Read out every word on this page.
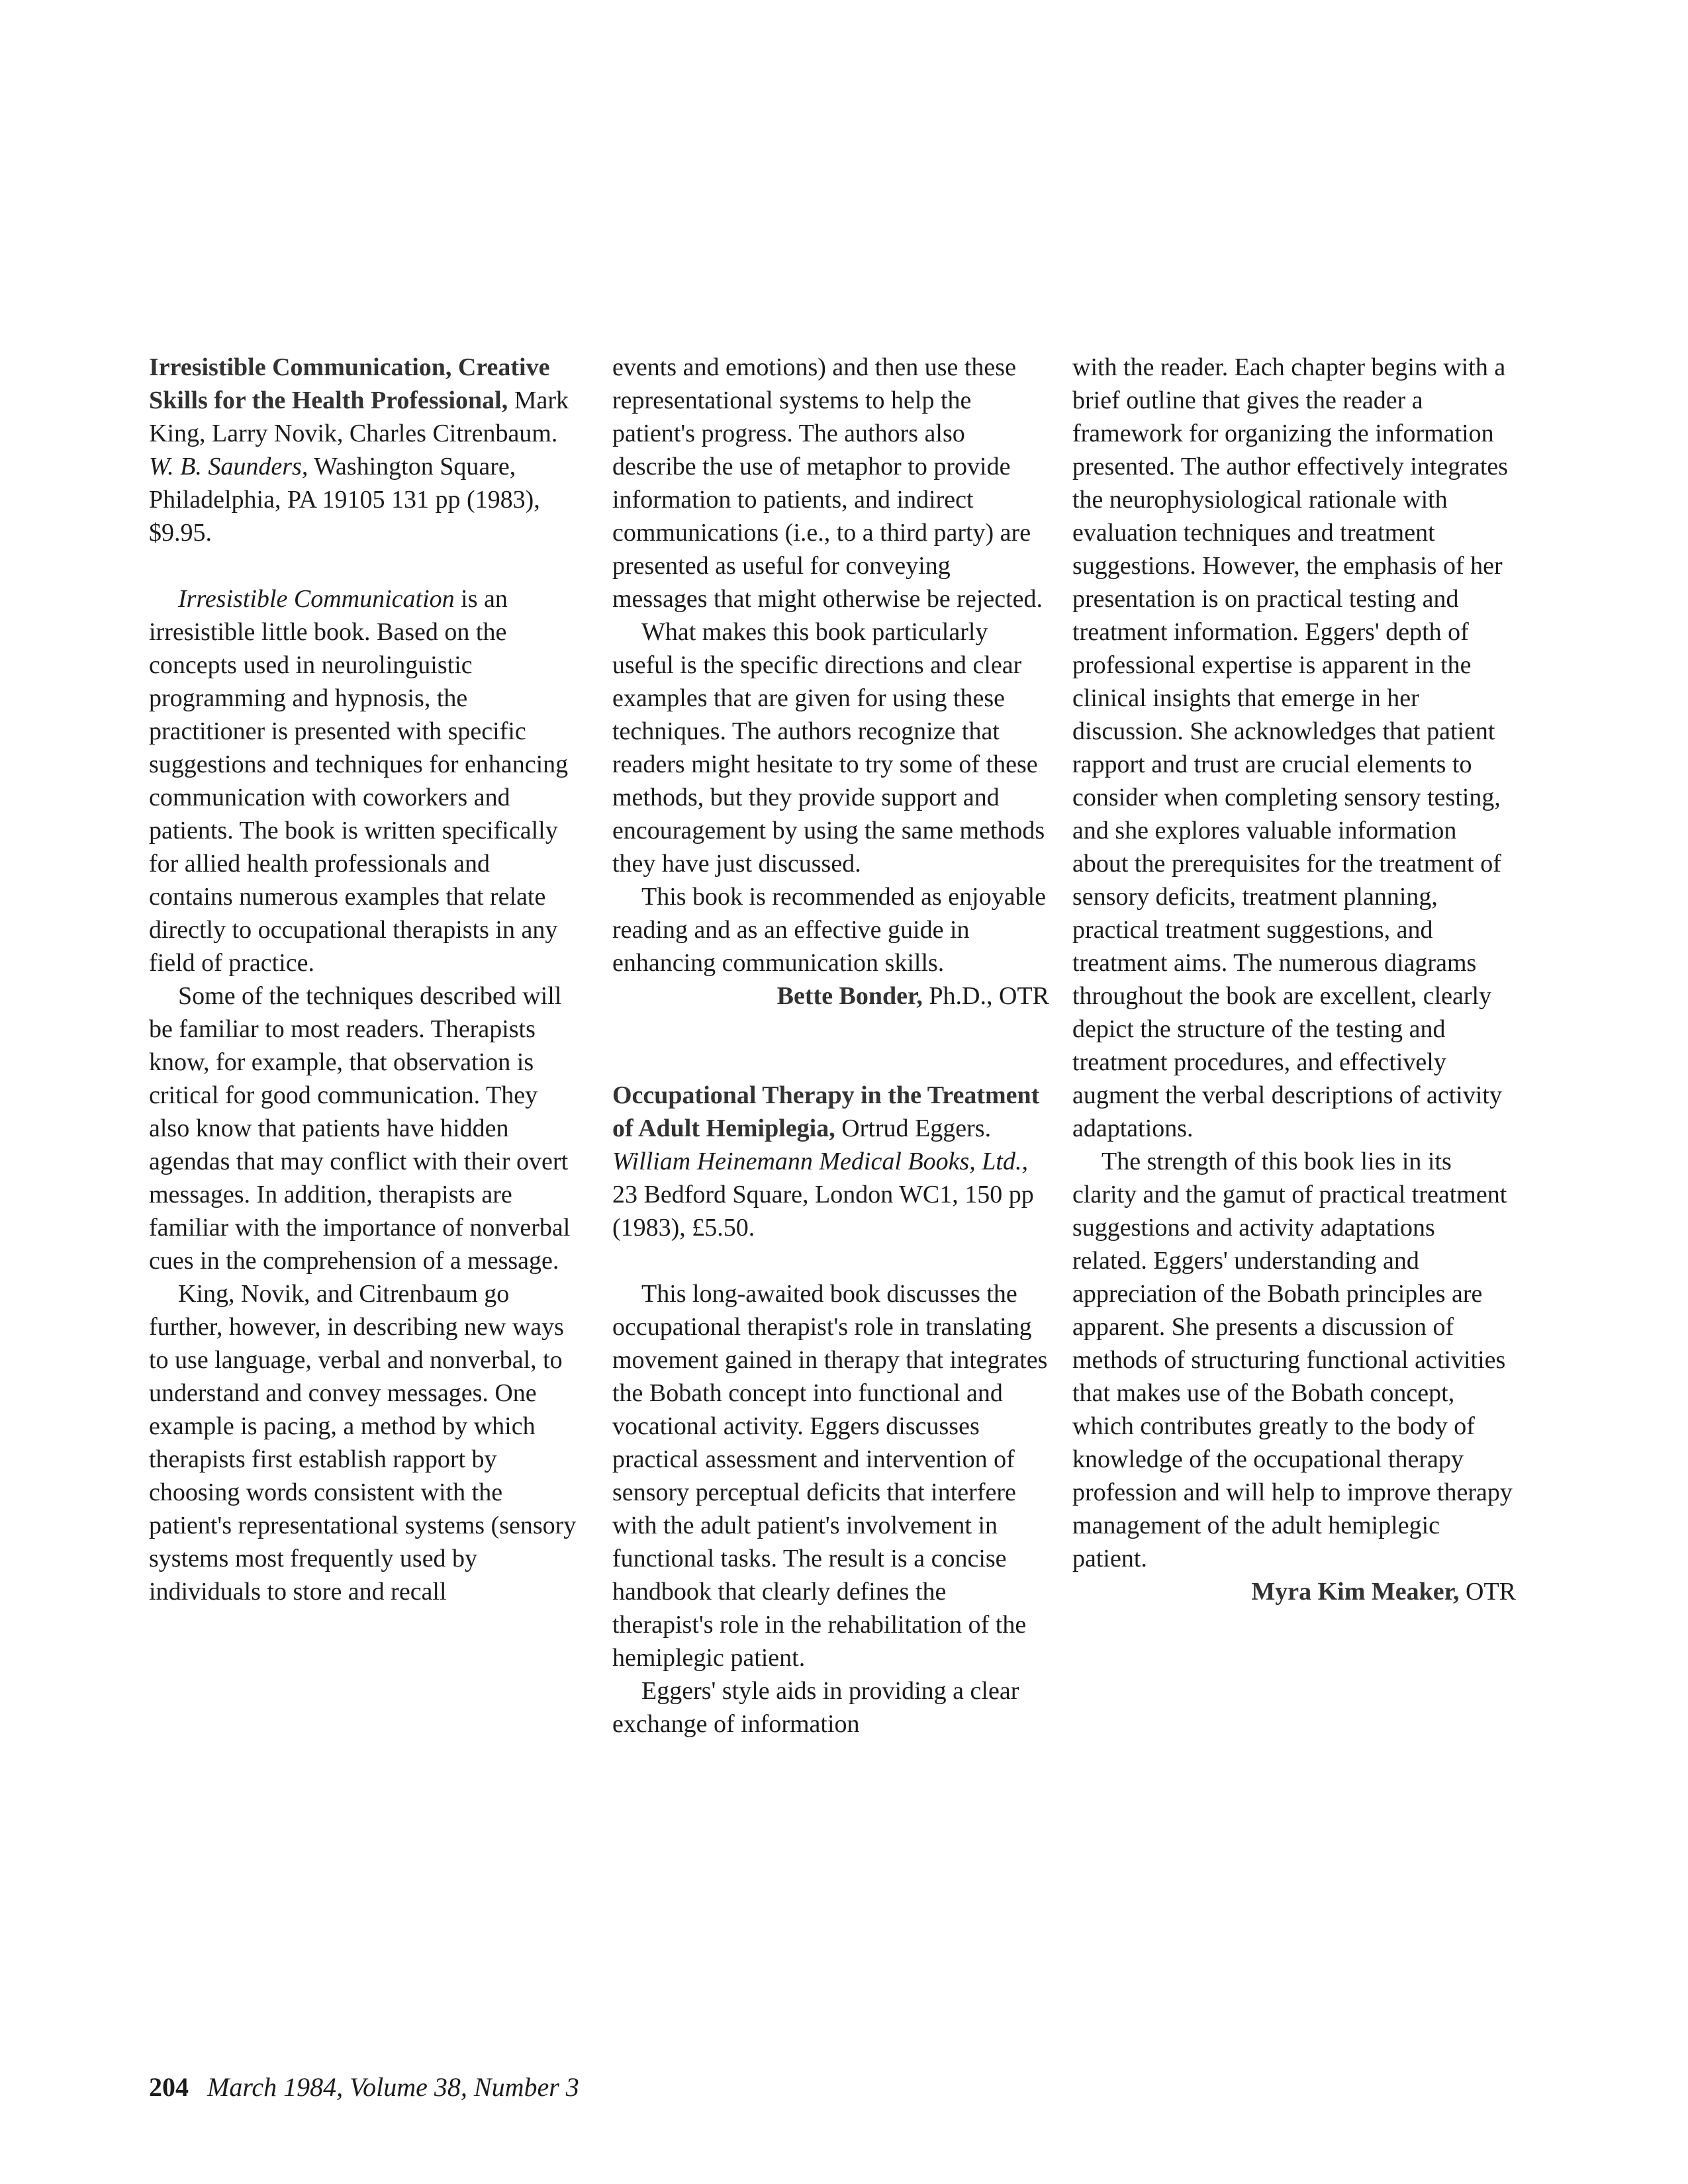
Irresistible Communication, Creative Skills for the Health Professional, Mark King, Larry Novik, Charles Citrenbaum. W. B. Saunders, Washington Square, Philadelphia, PA 19105 131 pp (1983), $9.95.

Irresistible Communication is an irresistible little book. Based on the concepts used in neurolinguistic programming and hypnosis, the practitioner is presented with specific suggestions and techniques for enhancing communication with coworkers and patients. The book is written specifically for allied health professionals and contains numerous examples that relate directly to occupational therapists in any field of practice.

Some of the techniques described will be familiar to most readers. Therapists know, for example, that observation is critical for good communication. They also know that patients have hidden agendas that may conflict with their overt messages. In addition, therapists are familiar with the importance of nonverbal cues in the comprehension of a message.

King, Novik, and Citrenbaum go further, however, in describing new ways to use language, verbal and nonverbal, to understand and convey messages. One example is pacing, a method by which therapists first establish rapport by choosing words consistent with the patient's representational systems (sensory systems most frequently used by individuals to store and recall

events and emotions) and then use these representational systems to help the patient's progress. The authors also describe the use of metaphor to provide information to patients, and indirect communications (i.e., to a third party) are presented as useful for conveying messages that might otherwise be rejected.

What makes this book particularly useful is the specific directions and clear examples that are given for using these techniques. The authors recognize that readers might hesitate to try some of these methods, but they provide support and encouragement by using the same methods they have just discussed.

This book is recommended as enjoyable reading and as an effective guide in enhancing communication skills.

Bette Bonder, Ph.D., OTR

Occupational Therapy in the Treatment of Adult Hemiplegia, Ortrud Eggers. William Heinemann Medical Books, Ltd., 23 Bedford Square, London WC1, 150 pp (1983), £5.50.

This long-awaited book discusses the occupational therapist's role in translating movement gained in therapy that integrates the Bobath concept into functional and vocational activity. Eggers discusses practical assessment and intervention of sensory perceptual deficits that interfere with the adult patient's involvement in functional tasks. The result is a concise handbook that clearly defines the therapist's role in the rehabilitation of the hemiplegic patient.

Eggers' style aids in providing a clear exchange of information

with the reader. Each chapter begins with a brief outline that gives the reader a framework for organizing the information presented. The author effectively integrates the neurophysiological rationale with evaluation techniques and treatment suggestions. However, the emphasis of her presentation is on practical testing and treatment information. Eggers' depth of professional expertise is apparent in the clinical insights that emerge in her discussion. She acknowledges that patient rapport and trust are crucial elements to consider when completing sensory testing, and she explores valuable information about the prerequisites for the treatment of sensory deficits, treatment planning, practical treatment suggestions, and treatment aims. The numerous diagrams throughout the book are excellent, clearly depict the structure of the testing and treatment procedures, and effectively augment the verbal descriptions of activity adaptations.

The strength of this book lies in its clarity and the gamut of practical treatment suggestions and activity adaptations related. Eggers' understanding and appreciation of the Bobath principles are apparent. She presents a discussion of methods of structuring functional activities that makes use of the Bobath concept, which contributes greatly to the body of knowledge of the occupational therapy profession and will help to improve therapy management of the adult hemiplegic patient.

Myra Kim Meaker, OTR

204 March 1984, Volume 38, Number 3
